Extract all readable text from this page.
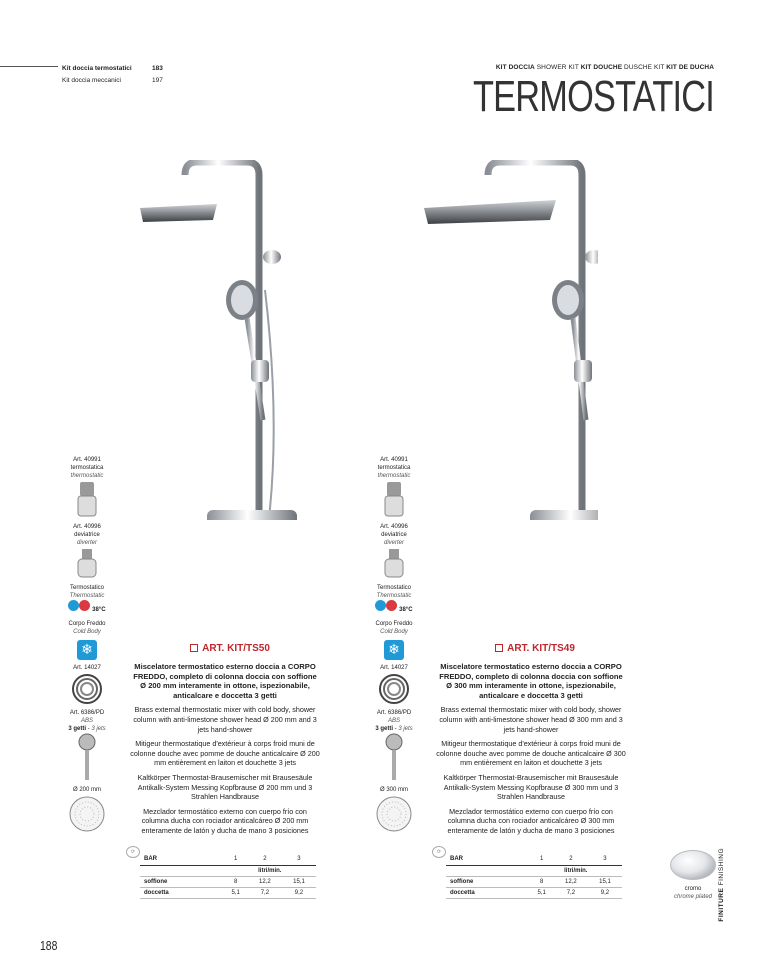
Kit doccia termostatici	183
Kit doccia meccanici	197
KIT DOCCIA SHOWER KIT KIT DOUCHE DUSCHE KIT KIT DE DUCHA
TERMOSTATICI
Art. 40991
termostatica
thermostatic
Art. 40996
deviatrice
diverter
Termostatico
Thermostatic
38°C
Corpo Freddo
Cold Body
❄
Art. 14027
Art. 6386/PD
ABS
3 getti - 3 jets
Ø 200 mm
Art. 40991
termostatica
thermostatic
Art. 40996
deviatrice
diverter
Termostatico
Thermostatic
38°C
Corpo Freddo
Cold Body
❄
Art. 14027
Art. 6386/PD
ABS
3 getti - 3 jets
Ø 300 mm
ART. KIT/TS50

Miscelatore termostatico esterno doccia a CORPO FREDDO, completo di colonna doccia con soffione Ø 200 mm interamente in ottone, ispezionabile, anticalcare e doccetta 3 getti

Brass external thermostatic mixer with cold body, shower column with anti-limestone shower head Ø 200 mm and 3 jets hand-shower

Mitigeur thermostatique d'extérieur à corps froid muni de colonne douche avec pomme de douche anticalcaire Ø 200 mm entièrement en laiton et douchette 3 jets

Kaltkörper Thermostat-Brausemischer mit Brausesäule Antikalk-System Messing Kopfbrause Ø 200 mm und 3 Strahlen Handbrause

Mezclador termostático externo con cuerpo frío con columna ducha con rociador anticalcáreo Ø 200 mm enteramente de latón y ducha de mano 3 posiciones

ART. KIT/TS49

Miscelatore termostatico esterno doccia a CORPO FREDDO, completo di colonna doccia con soffione Ø 300 mm interamente in ottone, ispezionabile, anticalcare e doccetta 3 getti

Brass external thermostatic mixer with cold body, shower column with anti-limestone shower head Ø 300 mm and 3 jets hand-shower

Mitigeur thermostatique d'extérieur à corps froid muni de colonne douche avec pomme de douche anticalcaire Ø 300 mm entièrement en laiton et douchette 3 jets

Kaltkörper Thermostat-Brausemischer mit Brausesäule Antikalk-System Messing Kopfbrause Ø 300 mm und 3 Strahlen Handbrause

Mezclador termostático externo con cuerpo frío con columna ducha con rociador anticalcáreo Ø 300 mm enteramente de latón y ducha de mano 3 posiciones

⟳
BAR	1	2	3
	litri/min.		
soffione	8	12,2	15,1
doccetta	5,1	7,2	9,2
⟳
BAR	1	2	3
	litri/min.		
soffione	8	12,2	15,1
doccetta	5,1	7,2	9,2
cromo
chrome plated FINITURE FINISHING
188
